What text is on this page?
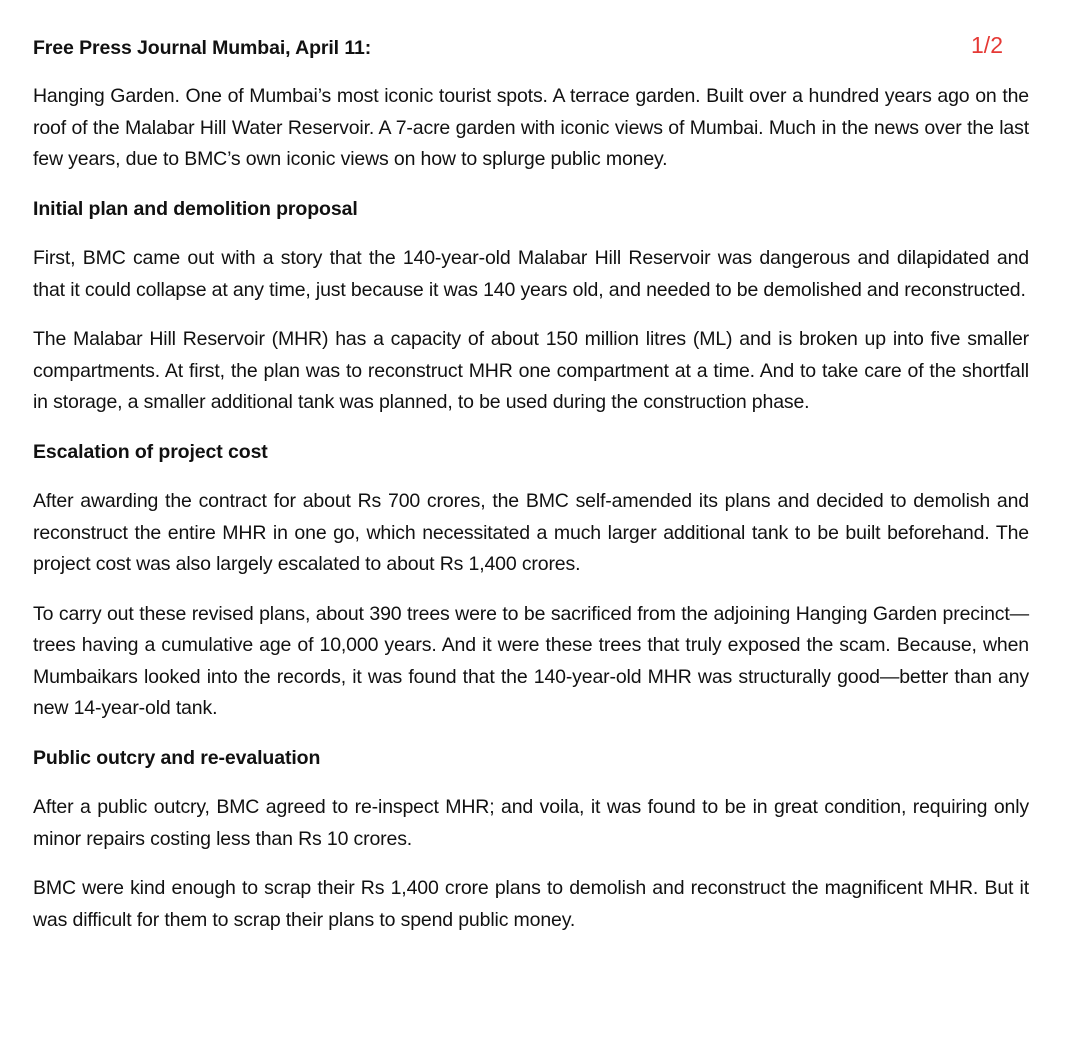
Free Press Journal Mumbai, April 11:	1/2

Hanging Garden. One of Mumbai’s most iconic tourist spots. A terrace garden. Built over a hundred years ago on the roof of the Malabar Hill Water Reservoir. A 7-acre garden with iconic views of Mumbai. Much in the news over the last few years, due to BMC’s own iconic views on how to splurge public money.

Initial plan and demolition proposal

First, BMC came out with a story that the 140-year-old Malabar Hill Reservoir was dangerous and dilapidated and that it could collapse at any time, just because it was 140 years old, and needed to be demolished and reconstructed.

The Malabar Hill Reservoir (MHR) has a capacity of about 150 million litres (ML) and is broken up into five smaller compartments. At first, the plan was to reconstruct MHR one compartment at a time. And to take care of the shortfall in storage, a smaller additional tank was planned, to be used during the construction phase.

Escalation of project cost

After awarding the contract for about Rs 700 crores, the BMC self-amended its plans and decided to demolish and reconstruct the entire MHR in one go, which necessitated a much larger additional tank to be built beforehand. The project cost was also largely escalated to about Rs 1,400 crores.

To carry out these revised plans, about 390 trees were to be sacrificed from the adjoining Hanging Garden precinct—trees having a cumulative age of 10,000 years. And it were these trees that truly exposed the scam. Because, when Mumbaikars looked into the records, it was found that the 140-year-old MHR was structurally good—better than any new 14-year-old tank.

Public outcry and re-evaluation

After a public outcry, BMC agreed to re-inspect MHR; and voila, it was found to be in great condition, requiring only minor repairs costing less than Rs 10 crores.

BMC were kind enough to scrap their Rs 1,400 crore plans to demolish and reconstruct the magnificent MHR. But it was difficult for them to scrap their plans to spend public money.
